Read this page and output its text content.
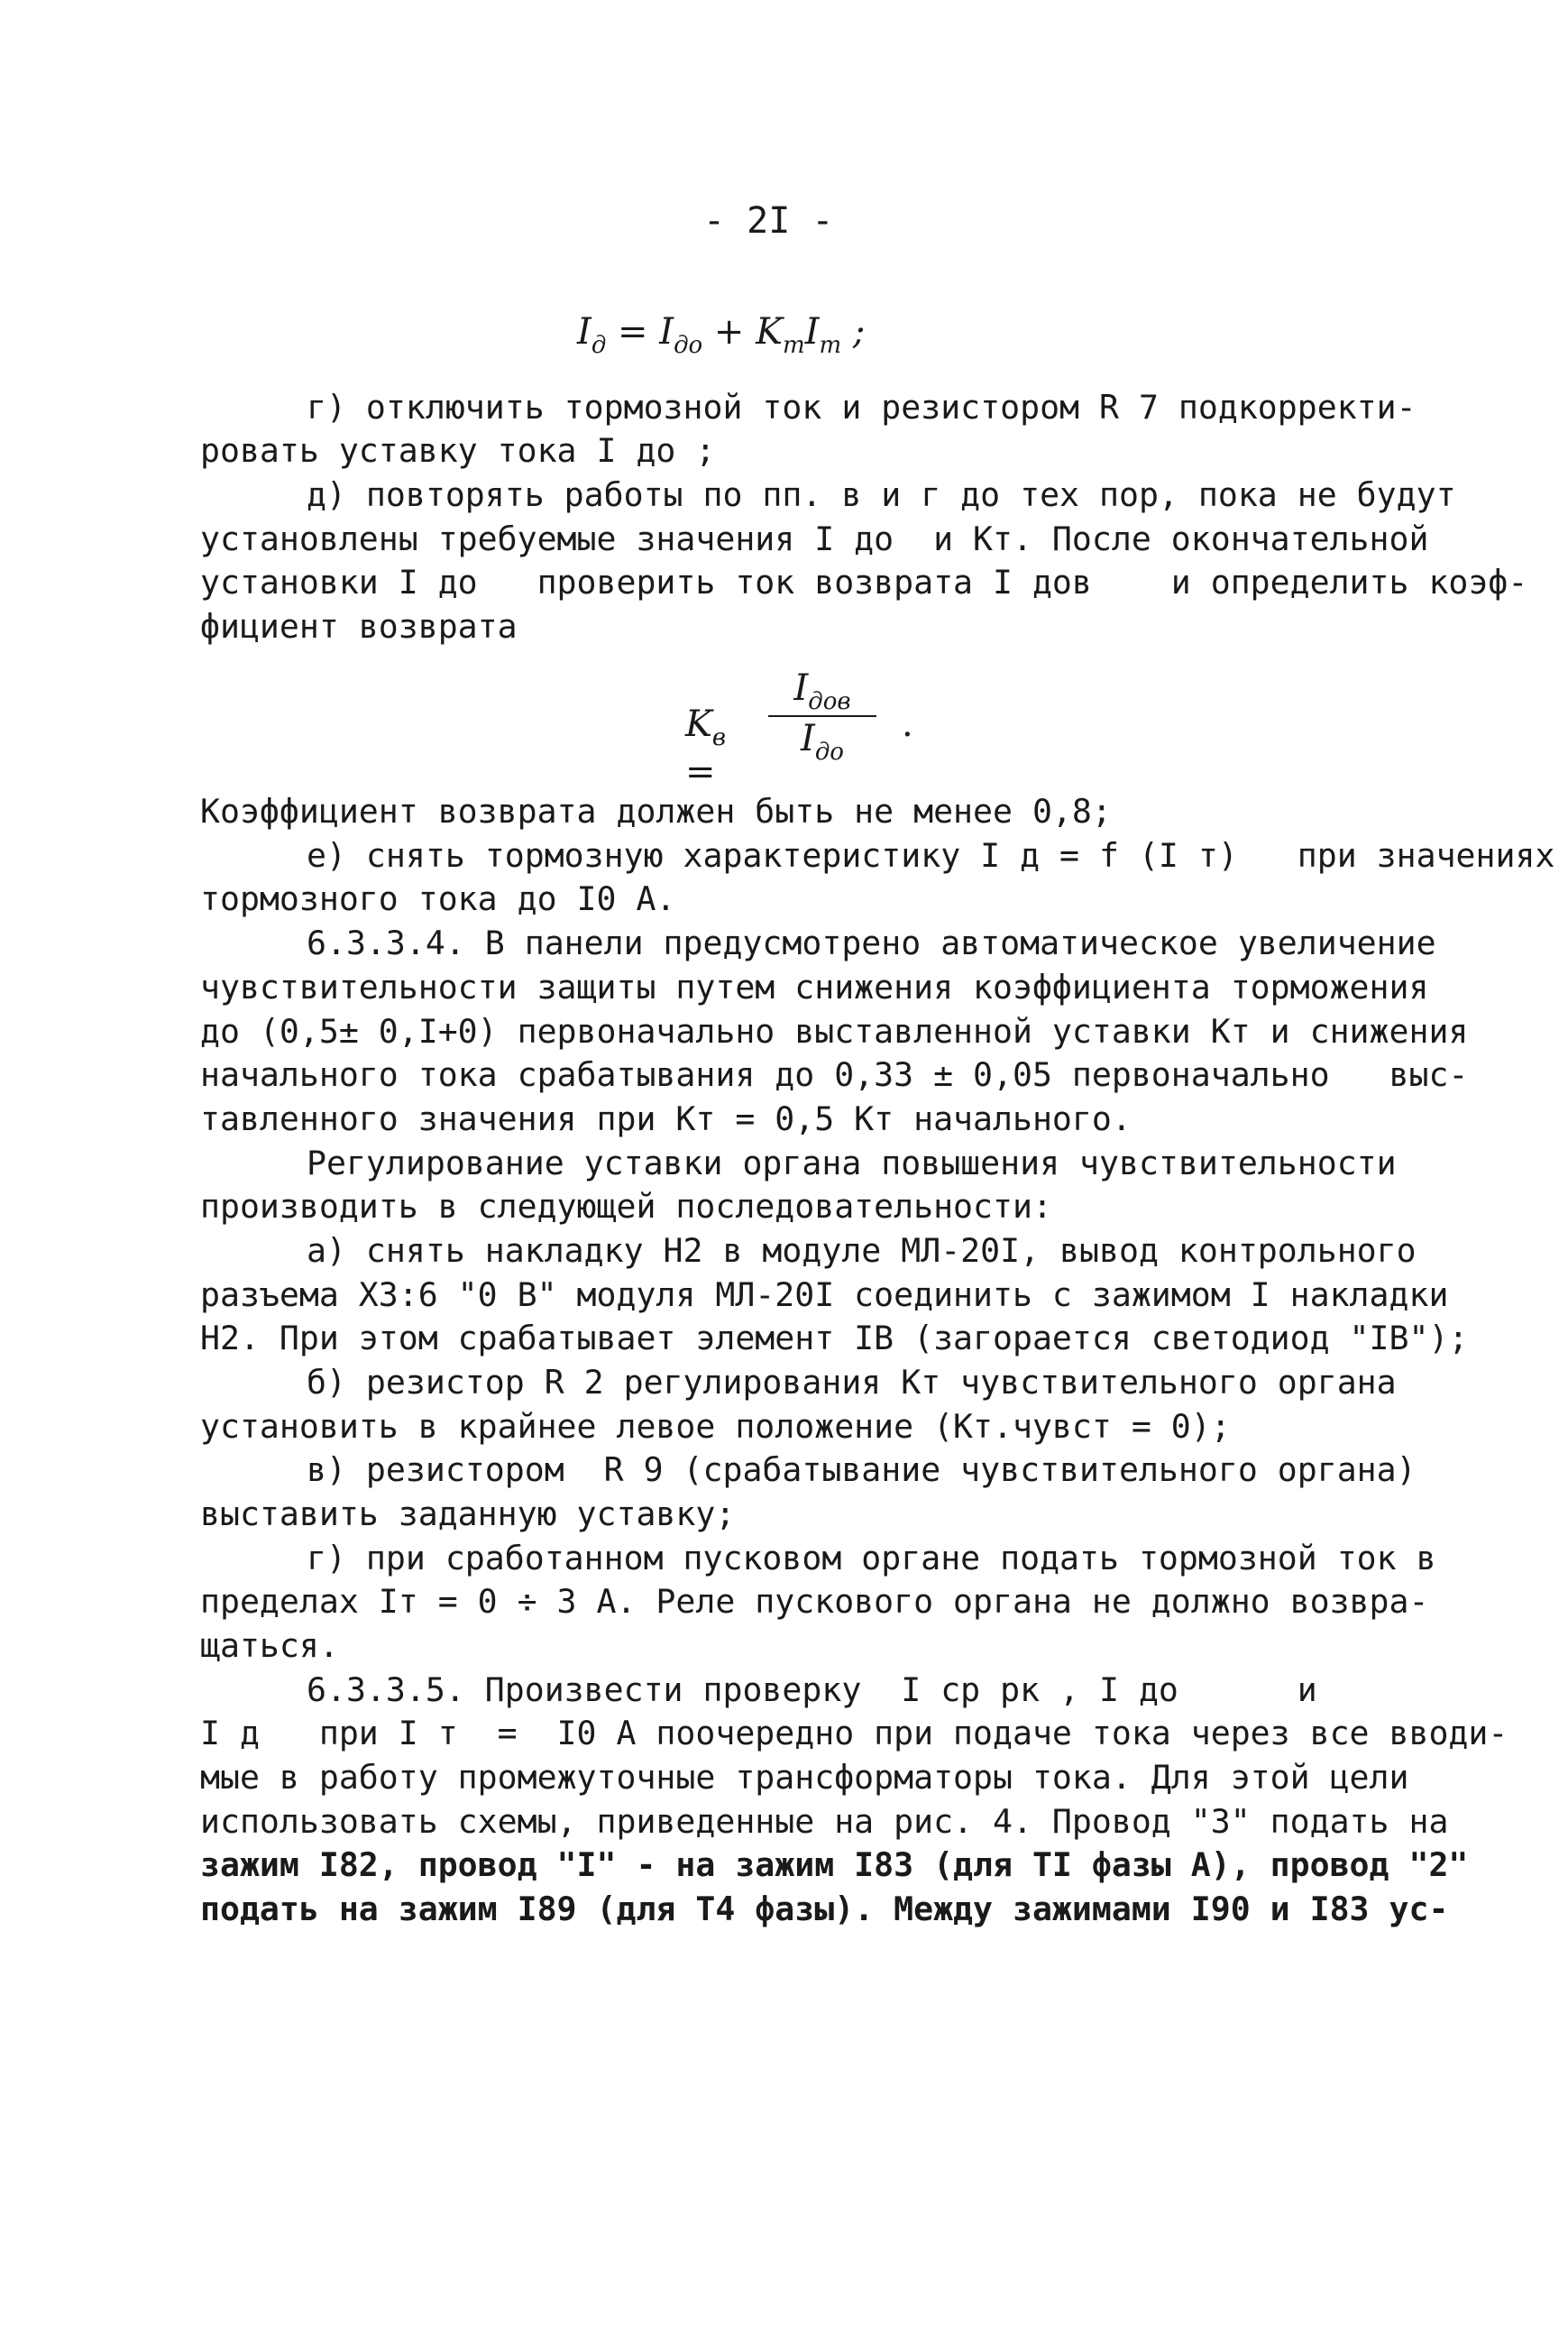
- 2I -
$I_д = I_{до} + K_тI_т$ ;
г) отключить тормозной ток и резистором R 7 подкорректи-
ровать уставку тока I до ;
д) повторять работы по пп. в и г до тех пор, пока не будут
установлены требуемые значения I до  и Kт. После окончательной
установки I до   проверить ток возврата I дов    и определить коэф-
фициент возврата
$K_в$ =
$I_{дов}$
$I_{до}$
.
Коэффициент возврата должен быть не менее 0,8;
е) снять тормозную характеристику I д = f (I т)   при значениях
тормозного тока до I0 А.
6.3.3.4. В панели предусмотрено автоматическое увеличение
чувствительности защиты путем снижения коэффициента торможения
до (0,5± 0,I+0) первоначально выставленной уставки Kт и снижения
начального тока срабатывания до 0,33 ± 0,05 первоначально   выс-
тавленного значения при Kт = 0,5 Kт начального.
Регулирование уставки органа повышения чувствительности
производить в следующей последовательности:
а) снять накладку Н2 в модуле МЛ-20I, вывод контрольного
разъема Х3:6 "0 В" модуля МЛ-20I соединить с зажимом I накладки
Н2. При этом срабатывает элемент IВ (загорается светодиод "IВ");
б) резистор R 2 регулирования Kт чувствительного органа
установить в крайнее левое положение (Kт.чувст = 0);
в) резистором  R 9 (срабатывание чувствительного органа)
выставить заданную уставку;
г) при сработанном пусковом органе подать тормозной ток в
пределах Iт = 0 ÷ 3 А. Реле пускового органа не должно возвра-
щаться.
6.3.3.5. Произвести проверку  I ср рк , I до      и
I д   при I т  =  I0 А поочередно при подаче тока через все вводи-
мые в работу промежуточные трансформаторы тока. Для этой цели
использовать схемы, приведенные на рис. 4. Провод "3" подать на
зажим I82, провод "I" - на зажим I83 (для ТI фазы А), провод "2"
подать на зажим I89 (для Т4 фазы). Между зажимами I90 и I83 ус-
